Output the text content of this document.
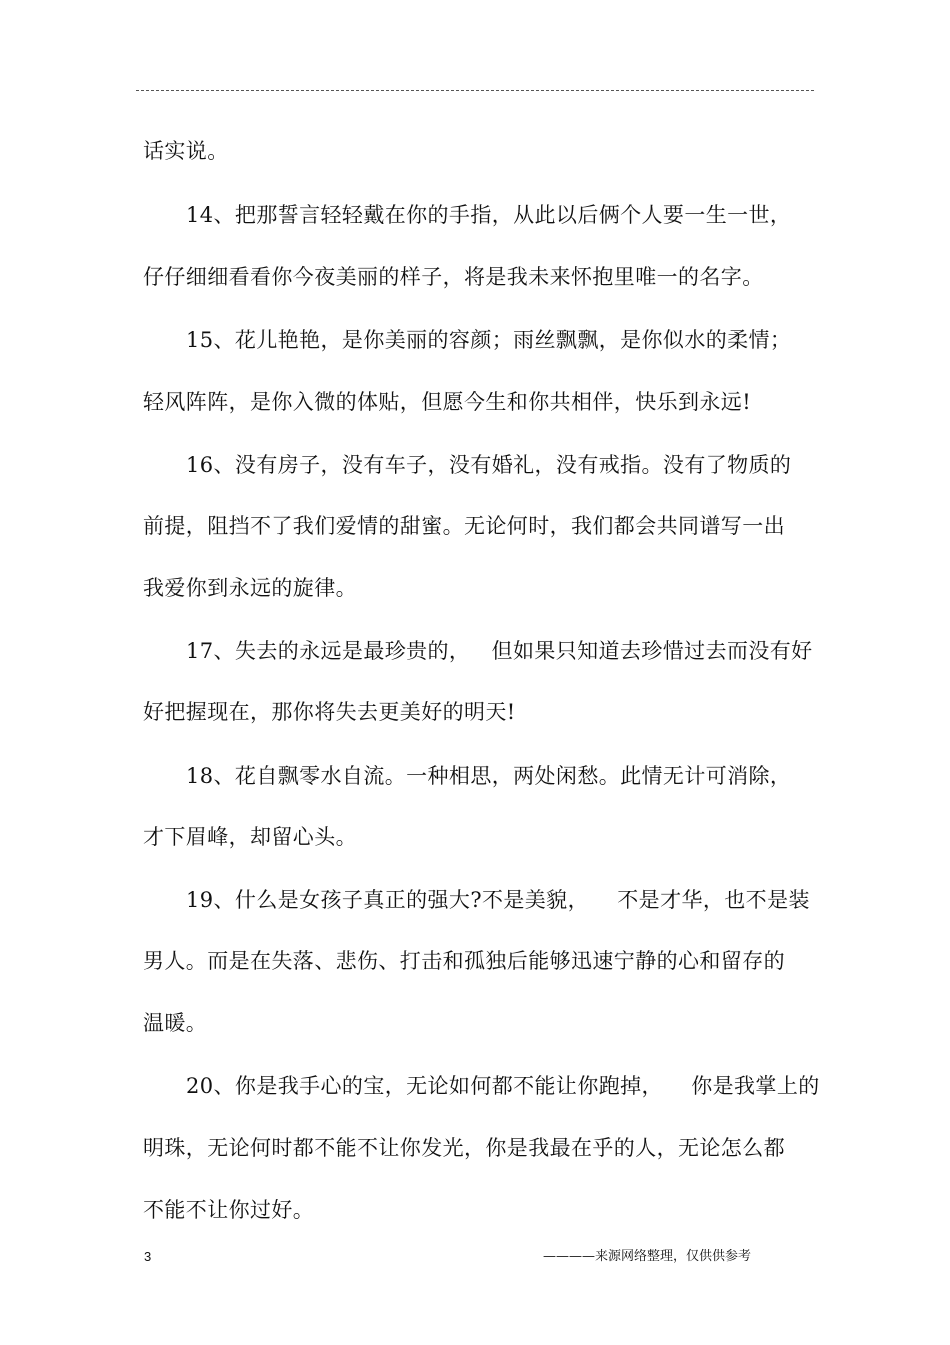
话实说。
14、把那誓言轻轻戴在你的手指，从此以后俩个人要一生一世，
仔仔细细看看你今夜美丽的样子，将是我未来怀抱里唯一的名字。
15、花儿艳艳，是你美丽的容颜；雨丝飘飘，是你似水的柔情；
轻风阵阵，是你入微的体贴，但愿今生和你共相伴，快乐到永远!
16、没有房子，没有车子，没有婚礼，没有戒指。没有了物质的
前提，阻挡不了我们爱情的甜蜜。无论何时，我们都会共同谱写一出
我爱你到永远的旋律。
17、失去的永远是最珍贵的，   但如果只知道去珍惜过去而没有好
好把握现在，那你将失去更美好的明天!
18、花自飘零水自流。一种相思，两处闲愁。此情无计可消除，
才下眉峰，却留心头。
19、什么是女孩子真正的强大?不是美貌，    不是才华，也不是装
男人。而是在失落、悲伤、打击和孤独后能够迅速宁静的心和留存的
温暖。
20、你是我手心的宝，无论如何都不能让你跑掉，    你是我掌上的
明珠，无论何时都不能不让你发光，你是我最在乎的人，无论怎么都
不能不让你过好。
3	————来源网络整理，仅供供参考
